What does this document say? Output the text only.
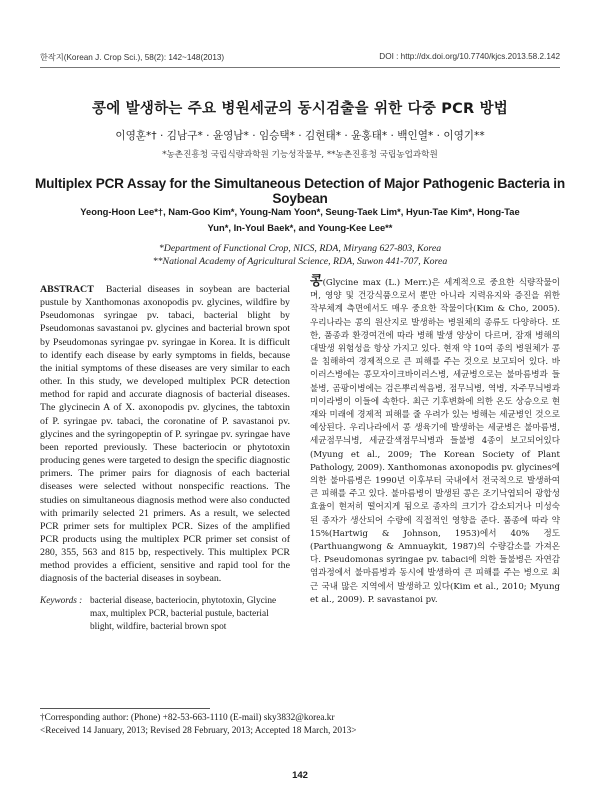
한작지(Korean J. Crop Sci.), 58(2): 142~148(2013)	DOI : http://dx.doi.org/10.7740/kjcs.2013.58.2.142
콩에 발생하는 주요 병원세균의 동시검출을 위한 다중 PCR 방법
이영훈*† · 김남구* · 윤영남* · 임승택* · 김현태* · 윤홍태* · 백인열* · 이영기**
*농촌진흥청 국립식량과학원 기능성작물부, **농촌진흥청 국립농업과학원
Multiplex PCR Assay for the Simultaneous Detection of Major Pathogenic Bacteria in Soybean
Yeong-Hoon Lee*†, Nam-Goo Kim*, Young-Nam Yoon*, Seung-Taek Lim*, Hyun-Tae Kim*, Hong-Tae Yun*, In-Youl Baek*, and Young-Kee Lee**
*Department of Functional Crop, NICS, RDA, Miryang 627-803, Korea
**National Academy of Agricultural Science, RDA, Suwon 441-707, Korea
ABSTRACT Bacterial diseases in soybean are bacterial pustule by Xanthomonas axonopodis pv. glycines, wildfire by Pseudomonas syringae pv. tabaci, bacterial blight by Pseudomonas savastanoi pv. glycines and bacterial brown spot by Pseudomonas syringae pv. syringae in Korea. It is difficult to identify each disease by early symptoms in fields, because the initial symptoms of these diseases are very similar to each other. In this study, we developed multiplex PCR detection method for rapid and accurate diagnosis of bacterial diseases. The glycinecin A of X. axonopodis pv. glycines, the tabtoxin of P. syringae pv. tabaci, the coronatine of P. savastanoi pv. glycines and the syringopeptin of P. syringae pv. syringae have been reported previously. These bacteriocin or phytotoxin producing genes were targeted to design the specific diagnostic primers. The primer pairs for diagnosis of each bacterial diseases were selected without nonspecific reactions. The studies on simultaneous diagnosis method were also conducted with primarily selected 21 primers. As a result, we selected PCR primer sets for multiplex PCR. Sizes of the amplified PCR products using the multiplex PCR primer set consist of 280, 355, 563 and 815 bp, respectively. This multiplex PCR method provides a efficient, sensitive and rapid tool for the diagnosis of the bacterial diseases in soybean.
Keywords : bacterial disease, bacteriocin, phytotoxin, Glycine max, multiplex PCR, bacterial pustule, bacterial blight, wildfire, bacterial brown spot
콩(Glycine max (L.) Merr.)은 세계적으로 중요한 식량작물이며, 영양 및 건강식품으로서 뿐만 아니라 지력유지와 증진을 위한 작부체계 측면에서도 매우 중요한 작물이다(Kim & Cho, 2005). 우리나라는 콩의 원산지로 발생하는 병원체의 종류도 다양하다. 또한, 품종과 환경여건에 따라 병해 발생 양상이 다르며, 잠재 병해의 대발생 위험성을 항상 가지고 있다. 현재 약 10여 종의 병원체가 콩을 침해하여 경제적으로 큰 피해를 주는 것으로 보고되어 있다. 바이러스병에는 콩모자이크바이러스병, 세균병으로는 불마름병과 들불병, 곰팡이병에는 검은뿌리썩음병, 점무늬병, 역병, 자주무늬병과 미이라병이 이들에 속한다. 최근 기후변화에 의한 온도 상승으로 현재와 미래에 경제적 피해를 줄 우려가 있는 병해는 세균병인 것으로 예상된다. 우리나라에서 콩 생육기에 발생하는 세균병은 불마름병, 세균점무늬병, 세균갈색점무늬병과 들불병 4종이 보고되어있다(Myung et al., 2009; The Korean Society of Plant Pathology, 2009). Xanthomonas axonopodis pv. glycines에 의한 불마름병은 1990년 이후부터 국내에서 전국적으로 발생하여 큰 피해를 주고 있다. 불마름병이 발생된 콩은 조기낙엽되어 광합성 효율이 현저히 떨어지게 됨으로 종자의 크기가 감소되거나 미성숙된 종자가 생산되어 수량에 직접적인 영향을 준다. 품종에 따라 약 15%(Hartwig & Johnson, 1953)에서 40% 정도(Parthuangwong & Amnuaykit, 1987)의 수량감소를 가져온다. Pseudomonas syringae pv. tabaci에 의한 들불병은 자연감염과정에서 불마름병과 동시에 발생하여 큰 피해를 주는 병으로 최근 국내 많은 지역에서 발생하고 있다(Kim et al., 2010; Myung et al., 2009). P. savastanoi pv.
†Corresponding author: (Phone) +82-53-663-1110 (E-mail) sky3832@korea.kr
<Received 14 January, 2013; Revised 28 February, 2013; Accepted 18 March, 2013>
142
